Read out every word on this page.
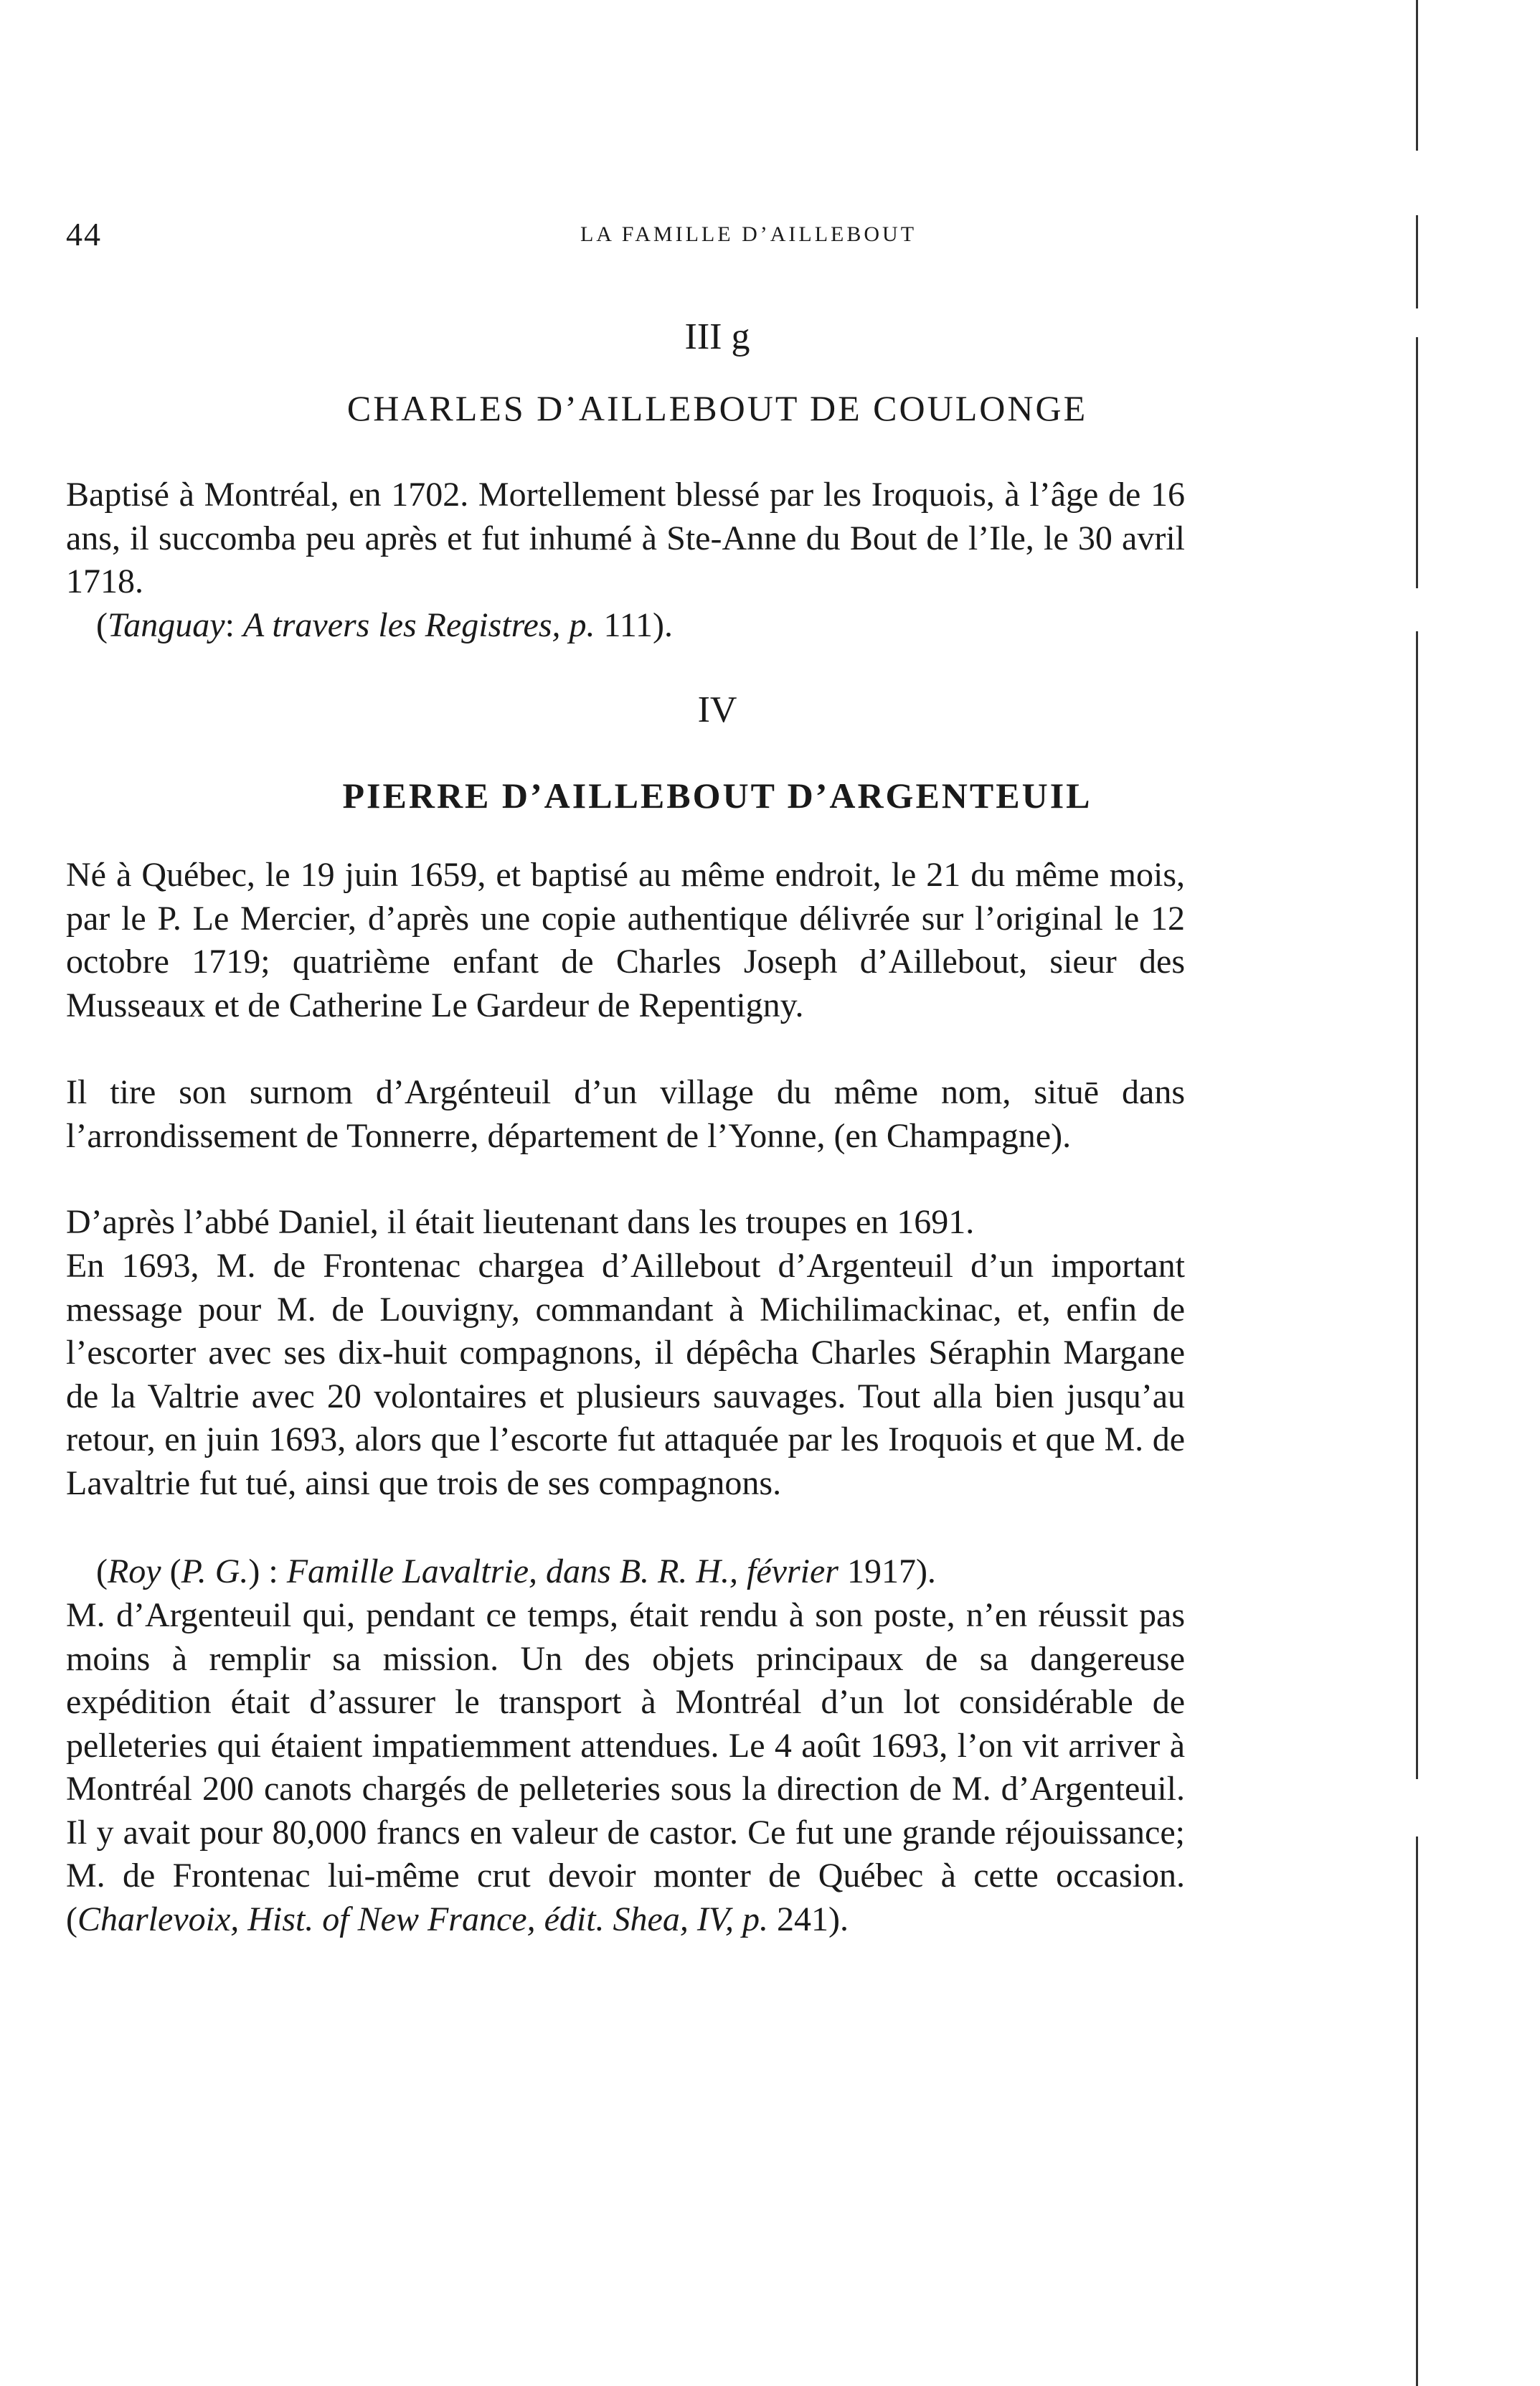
44	LA FAMILLE D’AILLEBOUT
III g
CHARLES D’AILLEBOUT DE COULONGE

Baptisé à Montréal, en 1702. Mortellement blessé par les Iroquois, à l’âge de 16 ans, il succomba peu après et fut inhumé à Ste-Anne du Bout de l’Ile, le 30 avril 1718.

(Tanguay: A travers les Registres, p. 111).
IV
PIERRE D’AILLEBOUT D’ARGENTEUIL

Né à Québec, le 19 juin 1659, et baptisé au même endroit, le 21 du même mois, par le P. Le Mercier, d’après une copie authentique délivrée sur l’original le 12 octobre 1719; quatrième enfant de Charles Joseph d’Aillebout, sieur des Musseaux et de Catherine Le Gardeur de Repentigny.

Il tire son surnom d’Argénteuil d’un village du même nom, situē dans l’arrondissement de Tonnerre, département de l’Yonne, (en Champagne).

D’après l’abbé Daniel, il était lieutenant dans les troupes en 1691.

En 1693, M. de Frontenac chargea d’Aillebout d’Argenteuil d’un important message pour M. de Louvigny, commandant à Michilimackinac, et, enfin de l’escorter avec ses dix-huit compagnons, il dépêcha Charles Séraphin Margane de la Valtrie avec 20 volontaires et plusieurs sauvages. Tout alla bien jusqu’au retour, en juin 1693, alors que l’escorte fut attaquée par les Iroquois et que M. de Lavaltrie fut tué, ainsi que trois de ses compagnons.

(Roy (P. G.) : Famille Lavaltrie, dans B. R. H., février 1917).

M. d’Argenteuil qui, pendant ce temps, était rendu à son poste, n’en réussit pas moins à remplir sa mission. Un des objets principaux de sa dangereuse expédition était d’assurer le transport à Montréal d’un lot considérable de pelleteries qui étaient impatiemment attendues. Le 4 août 1693, l’on vit arriver à Montréal 200 canots chargés de pelleteries sous la direction de M. d’Argenteuil. Il y avait pour 80,000 francs en valeur de castor. Ce fut une grande réjouissance; M. de Frontenac lui-même crut devoir monter de Québec à cette occasion. (Charlevoix, Hist. of New France, édit. Shea, IV, p. 241).
